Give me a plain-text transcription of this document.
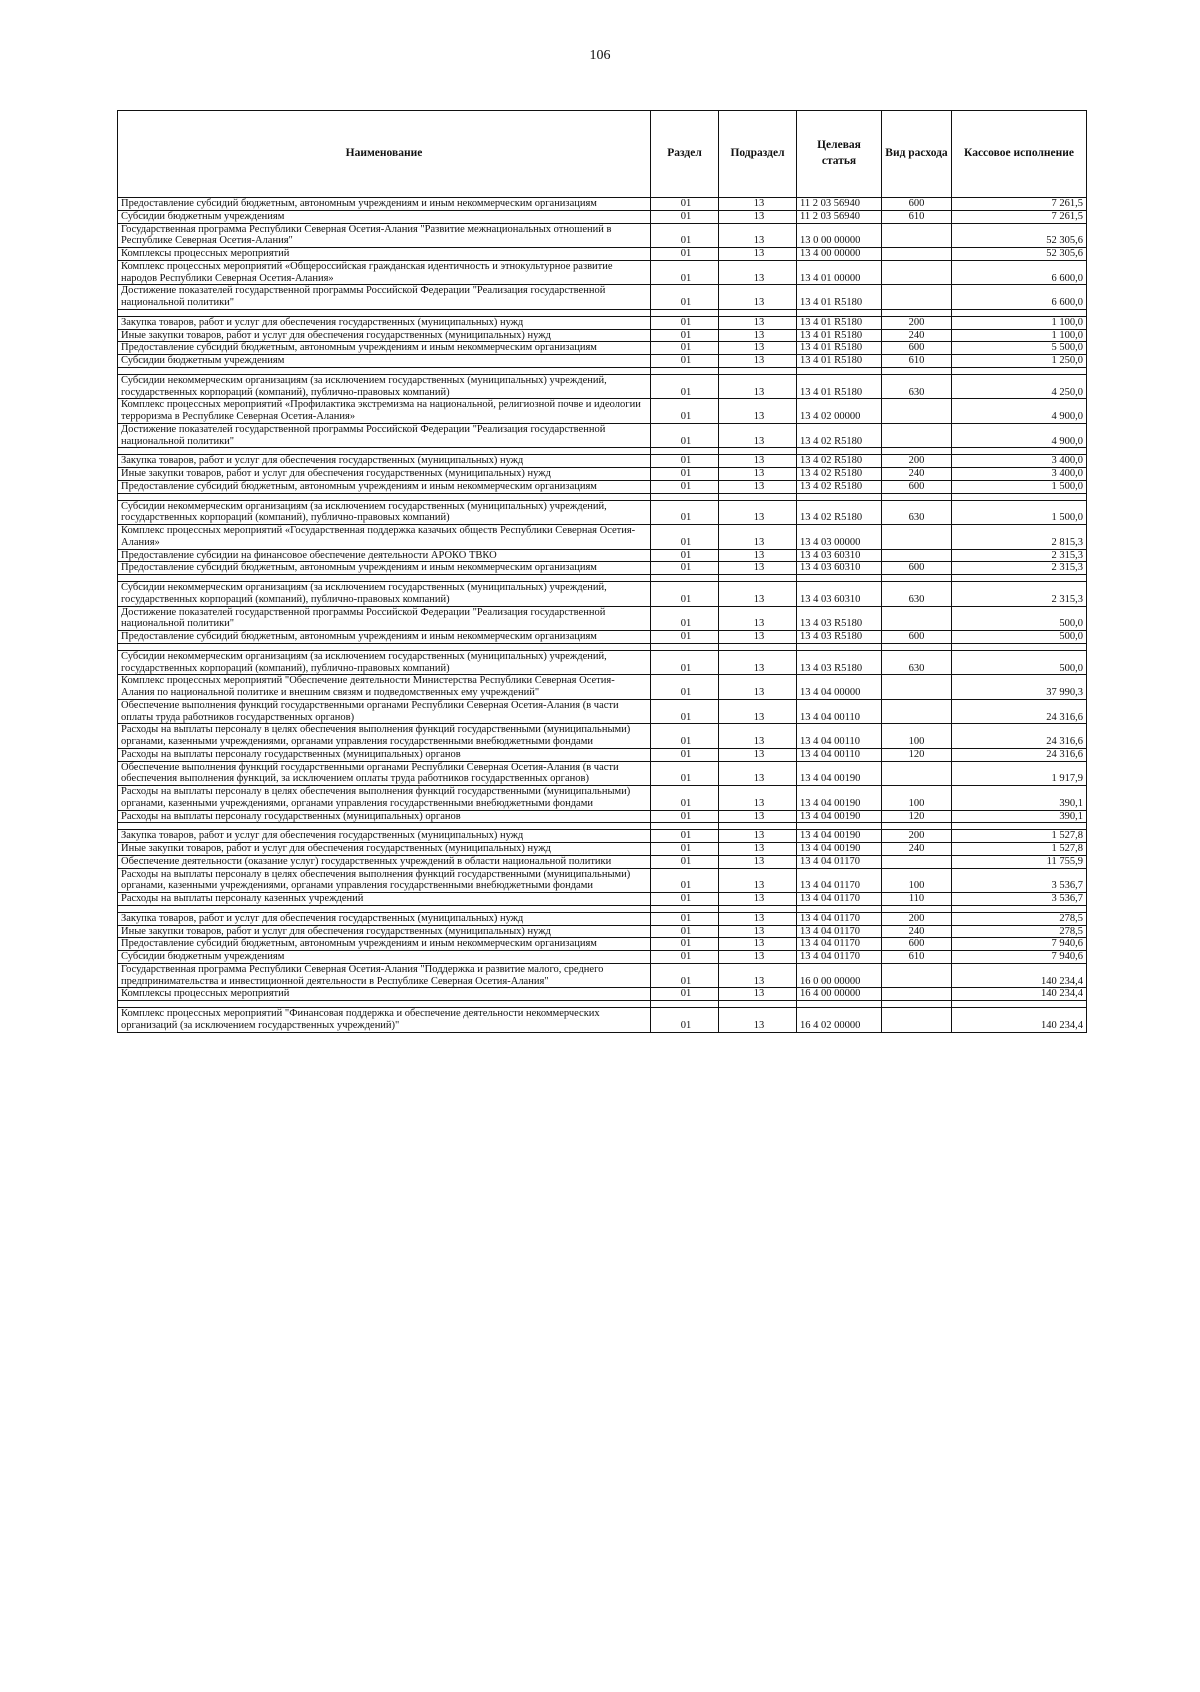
106
Наименование	Раздел	Подраздел	Целевая статья	Вид расхода	Кассовое исполнение
Предоставление субсидий бюджетным, автономным учреждениям и иным некоммерческим организациям	01	13	11 2 03 56940	600	7 261,5
Субсидии бюджетным учреждениям	01	13	11 2 03 56940	610	7 261,5
Государственная программа Республики Северная Осетия-Алания "Развитие межнациональных отношений в Республике Северная Осетия-Алания"	01	13	13 0 00 00000		52 305,6
Комплексы процессных мероприятий	01	13	13 4 00 00000		52 305,6
Комплекс процессных мероприятий «Общероссийская гражданская идентичность и этнокультурное развитие народов Республики Северная Осетия-Алания»	01	13	13 4 01 00000		6 600,0
Достижение показателей государственной программы Российской Федерации "Реализация государственной национальной политики"	01	13	13 4 01 R5180		6 600,0

Закупка товаров, работ и услуг для обеспечения государственных (муниципальных) нужд	01	13	13 4 01 R5180	200	1 100,0
Иные закупки товаров, работ и услуг для обеспечения государственных (муниципальных) нужд	01	13	13 4 01 R5180	240	1 100,0
Предоставление субсидий бюджетным, автономным учреждениям и иным некоммерческим организациям	01	13	13 4 01 R5180	600	5 500,0
Субсидии бюджетным учреждениям	01	13	13 4 01 R5180	610	1 250,0

Субсидии некоммерческим организациям (за исключением государственных (муниципальных) учреждений, государственных корпораций (компаний), публично-правовых компаний)	01	13	13 4 01 R5180	630	4 250,0
Комплекс процессных мероприятий «Профилактика экстремизма на национальной, религиозной почве и идеологии терроризма в Республике Северная Осетия-Алания»	01	13	13 4 02 00000		4 900,0
Достижение показателей государственной программы Российской Федерации "Реализация государственной национальной политики"	01	13	13 4 02 R5180		4 900,0

Закупка товаров, работ и услуг для обеспечения государственных (муниципальных) нужд	01	13	13 4 02 R5180	200	3 400,0
Иные закупки товаров, работ и услуг для обеспечения государственных (муниципальных) нужд	01	13	13 4 02 R5180	240	3 400,0
Предоставление субсидий бюджетным, автономным учреждениям и иным некоммерческим организациям	01	13	13 4 02 R5180	600	1 500,0

Субсидии некоммерческим организациям (за исключением государственных (муниципальных) учреждений, государственных корпораций (компаний), публично-правовых компаний)	01	13	13 4 02 R5180	630	1 500,0
Комплекс процессных мероприятий «Государственная поддержка казачьих обществ Республики Северная Осетия-Алания»	01	13	13 4 03 00000		2 815,3
Предоставление субсидии на финансовое обеспечение деятельности АРОКО ТВКО	01	13	13 4 03 60310		2 315,3
Предоставление субсидий бюджетным, автономным учреждениям и иным некоммерческим организациям	01	13	13 4 03 60310	600	2 315,3

Субсидии некоммерческим организациям (за исключением государственных (муниципальных) учреждений, государственных корпораций (компаний), публично-правовых компаний)	01	13	13 4 03 60310	630	2 315,3
Достижение показателей государственной программы Российской Федерации "Реализация государственной национальной политики"	01	13	13 4 03 R5180		500,0
Предоставление субсидий бюджетным, автономным учреждениям и иным некоммерческим организациям	01	13	13 4 03 R5180	600	500,0

Субсидии некоммерческим организациям (за исключением государственных (муниципальных) учреждений, государственных корпораций (компаний), публично-правовых компаний)	01	13	13 4 03 R5180	630	500,0
Комплекс процессных мероприятий "Обеспечение деятельности Министерства Республики Северная Осетия-Алания по национальной политике и внешним связям и подведомственных ему учреждений"	01	13	13 4 04 00000		37 990,3
Обеспечение выполнения функций государственными органами Республики Северная Осетия-Алания (в части оплаты труда работников государственных органов)	01	13	13 4 04 00110		24 316,6
Расходы на выплаты персоналу в целях обеспечения выполнения функций государственными (муниципальными) органами, казенными учреждениями, органами управления государственными внебюджетными фондами	01	13	13 4 04 00110	100	24 316,6
Расходы на выплаты персоналу государственных (муниципальных) органов	01	13	13 4 04 00110	120	24 316,6
Обеспечение выполнения функций государственными органами Республики Северная Осетия-Алания (в части обеспечения выполнения функций, за исключением оплаты труда работников государственных органов)	01	13	13 4 04 00190		1 917,9
Расходы на выплаты персоналу в целях обеспечения выполнения функций государственными (муниципальными) органами, казенными учреждениями, органами управления государственными внебюджетными фондами	01	13	13 4 04 00190	100	390,1
Расходы на выплаты персоналу государственных (муниципальных) органов	01	13	13 4 04 00190	120	390,1

Закупка товаров, работ и услуг для обеспечения государственных (муниципальных) нужд	01	13	13 4 04 00190	200	1 527,8
Иные закупки товаров, работ и услуг для обеспечения государственных (муниципальных) нужд	01	13	13 4 04 00190	240	1 527,8
Обеспечение деятельности (оказание услуг) государственных учреждений в области национальной политики	01	13	13 4 04 01170		11 755,9
Расходы на выплаты персоналу в целях обеспечения выполнения функций государственными (муниципальными) органами, казенными учреждениями, органами управления государственными внебюджетными фондами	01	13	13 4 04 01170	100	3 536,7
Расходы на выплаты персоналу казенных учреждений	01	13	13 4 04 01170	110	3 536,7

Закупка товаров, работ и услуг для обеспечения государственных (муниципальных) нужд	01	13	13 4 04 01170	200	278,5
Иные закупки товаров, работ и услуг для обеспечения государственных (муниципальных) нужд	01	13	13 4 04 01170	240	278,5
Предоставление субсидий бюджетным, автономным учреждениям и иным некоммерческим организациям	01	13	13 4 04 01170	600	7 940,6
Субсидии бюджетным учреждениям	01	13	13 4 04 01170	610	7 940,6
Государственная программа Республики Северная Осетия-Алания "Поддержка и развитие малого, среднего предпринимательства и инвестиционной деятельности в Республике Северная Осетия-Алания"	01	13	16 0 00 00000		140 234,4
Комплексы процессных мероприятий	01	13	16 4 00 00000		140 234,4

Комплекс процессных мероприятий "Финансовая поддержка и обеспечение деятельности некоммерческих организаций (за исключением государственных учреждений)"	01	13	16 4 02 00000		140 234,4
